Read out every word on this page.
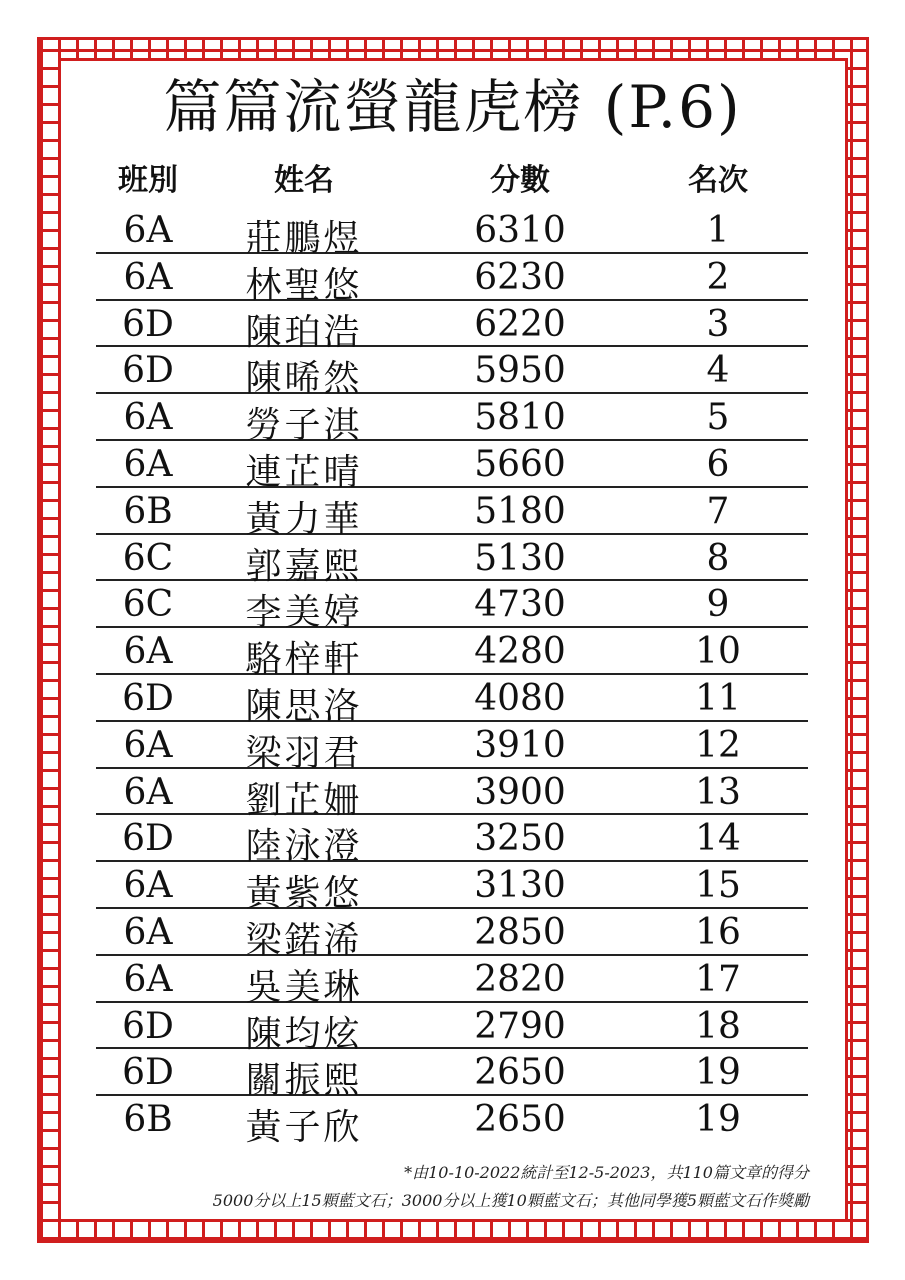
篇篇流螢龍虎榜 (P.6)
班別	姓名	分數	名次
6A 莊鵬煜	6310	1
6A 林聖悠	6230	2
6D 陳珀浩	6220	3
6D 陳晞然	5950	4
6A 勞子淇	5810	5
6A 連芷晴	5660	6
6B 黃力華	5180	7
6C 郭嘉熙	5130	8
6C 李美婷	4730	9
6A 駱梓軒	4280	10
6D 陳思洛	4080	11
6A 梁羽君	3910	12
6A 劉芷姍	3900	13
6D 陸泳澄	3250	14
6A 黃紫悠	3130	15
6A 梁鍩浠	2850	16
6A 吳美琳	2820	17
6D 陳均炫	2790	18
6D 關振熙	2650	19
6B 黃子欣	2650	19
*由10-10-2022統計至12-5-2023，共110篇文章的得分
5000分以上15顆藍文石；3000分以上獲10顆藍文石；其他同學獲5顆藍文石作獎勵
